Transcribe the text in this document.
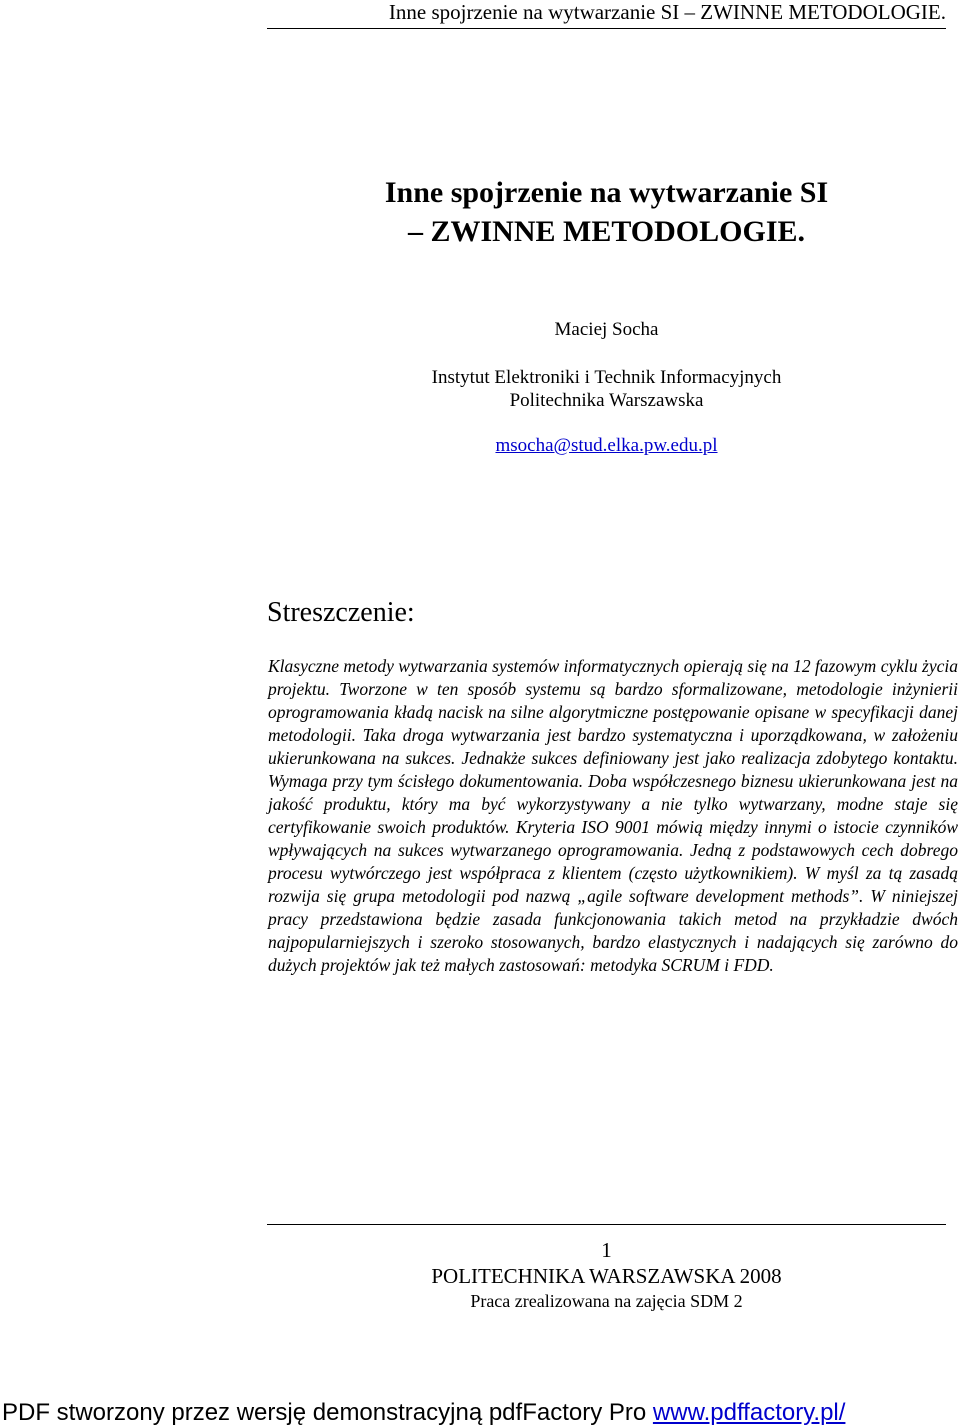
Inne spojrzenie na wytwarzanie SI – ZWINNE METODOLOGIE.
Inne spojrzenie na wytwarzanie SI
– ZWINNE METODOLOGIE.
Maciej Socha
Instytut Elektroniki i Technik Informacyjnych
Politechnika Warszawska
msocha@stud.elka.pw.edu.pl
Streszczenie:

Klasyczne metody wytwarzania systemów informatycznych opierają się na 12 fazowym cyklu życia projektu. Tworzone w ten sposób systemu są bardzo sformalizowane, metodologie inżynierii oprogramowania kładą nacisk na silne algorytmiczne postępowanie opisane w specyfikacji danej metodologii. Taka droga wytwarzania jest bardzo systematyczna i uporządkowana, w założeniu ukierunkowana na sukces. Jednakże sukces definiowany jest jako realizacja zdobytego kontaktu. Wymaga przy tym ścisłego dokumentowania. Doba współczesnego biznesu ukierunkowana jest na jakość produktu, który ma być wykorzystywany a nie tylko wytwarzany, modne staje się certyfikowanie swoich produktów. Kryteria ISO 9001 mówią między innymi o istocie czynników wpływających na sukces wytwarzanego oprogramowania. Jedną z podstawowych cech dobrego procesu wytwórczego jest współpraca z klientem (często użytkownikiem). W myśl za tą zasadą rozwija się grupa metodologii pod nazwą „agile software development methods”. W niniejszej pracy przedstawiona będzie zasada funkcjonowania takich metod na przykładzie dwóch najpopularniejszych i szeroko stosowanych, bardzo elastycznych i nadających się zarówno do dużych projektów jak też małych zastosowań: metodyka SCRUM i FDD.

1
POLITECHNIKA WARSZAWSKA 2008
Praca zrealizowana na zajęcia SDM 2
PDF stworzony przez wersję demonstracyjną pdfFactory Pro www.pdffactory.pl/
